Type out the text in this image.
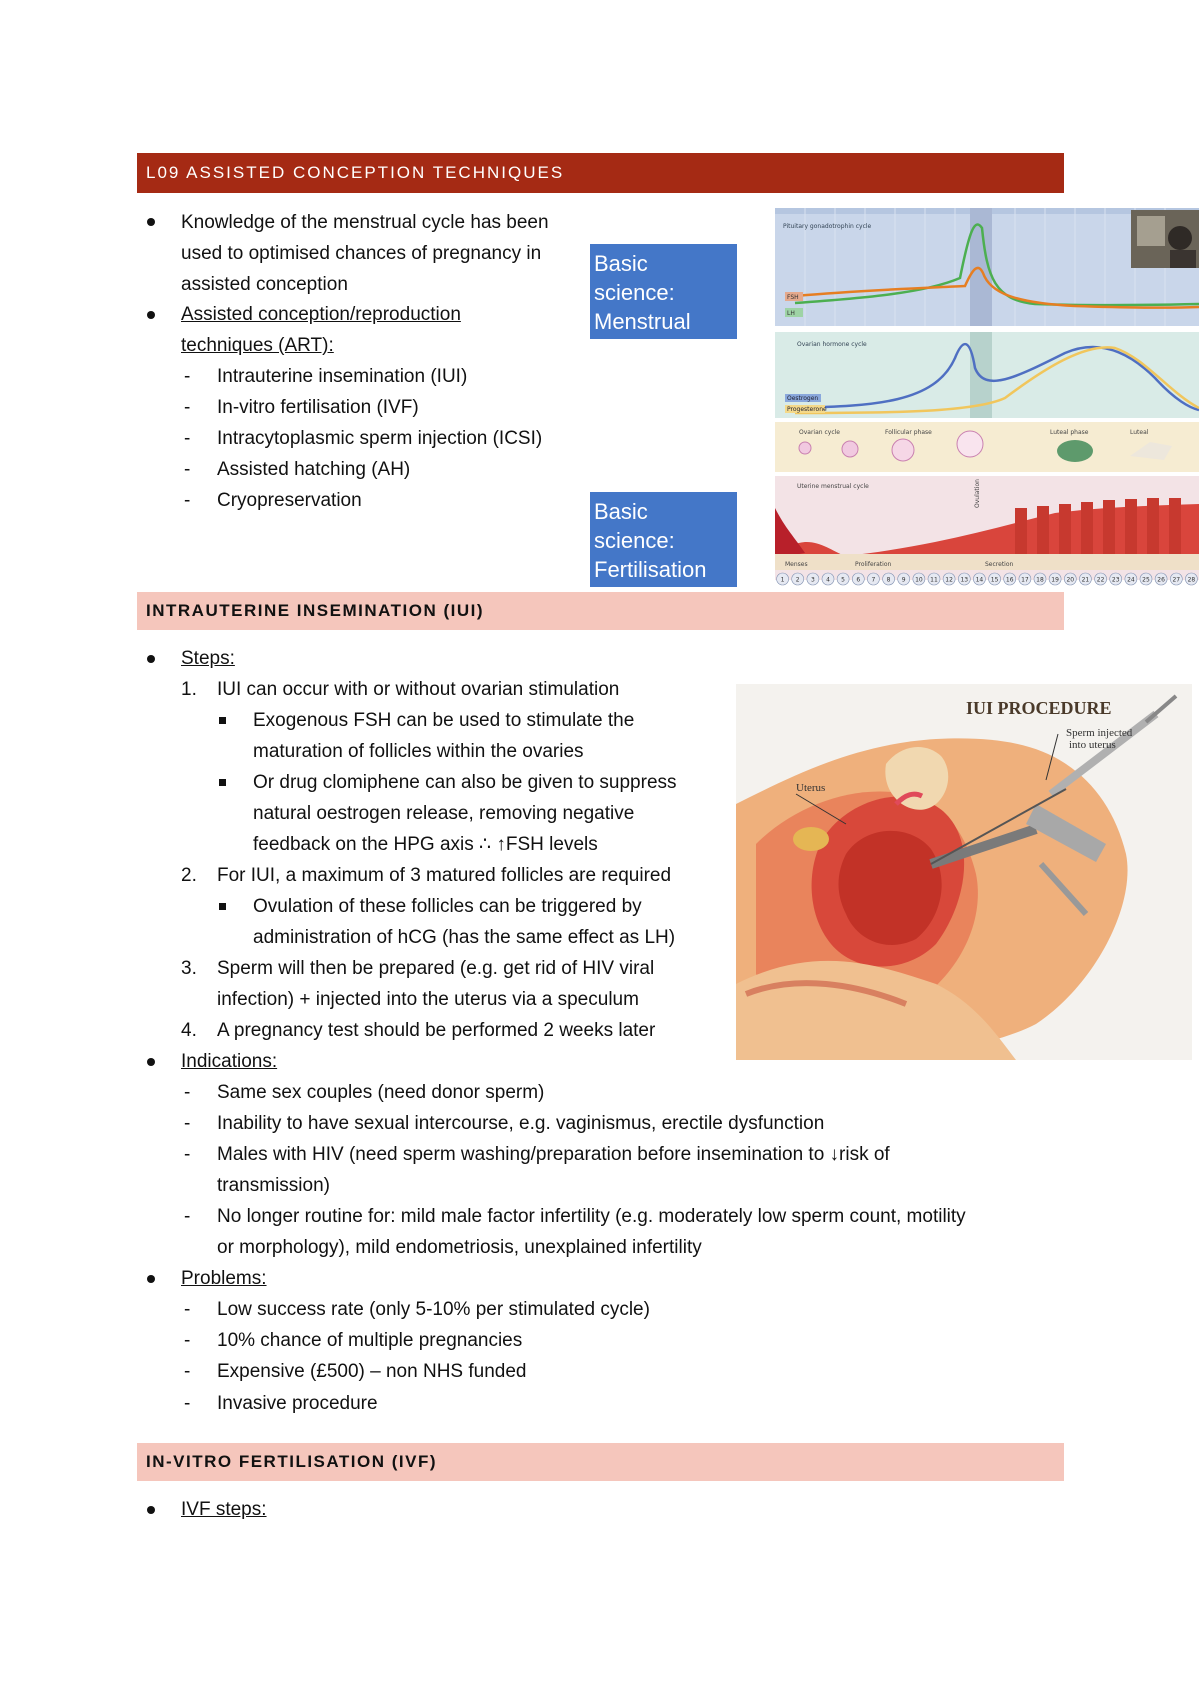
L09 ASSISTED CONCEPTION TECHNIQUES
Knowledge of the menstrual cycle has been
used to optimised chances of pregnancy in
assisted conception
Assisted conception/reproduction
techniques (ART):
- Intrauterine insemination (IUI)
- In-vitro fertilisation (IVF)
- Intracytoplasmic sperm injection (ICSI)
- Assisted hatching (AH)
- Cryopreservation
Basic science:
Menstrual
physiology
Basic science:
Fertilisation
Pituitary gonadotrophin cycle
FSH
LH
Ovarian hormone cycle
Oestrogen
Progesterone
Ovarian cycle	Follicular phase	Luteal phase	Luteal
Uterine menstrual cycle	Ovulation
Menses	Proliferation	Secretion
1 2 3 4 5 6 7 8 9 10 11 12 13 14 15 16 17 18 19 20 21 22 23 24 25 26 27 28
INTRAUTERINE INSEMINATION (IUI)
Steps:
1. IUI can occur with or without ovarian stimulation
Exogenous FSH can be used to stimulate the
maturation of follicles within the ovaries
Or drug clomiphene can also be given to suppress
natural oestrogen release, removing negative
feedback on the HPG axis ∴ ↑FSH levels
2. For IUI, a maximum of 3 matured follicles are required
Ovulation of these follicles can be triggered by
administration of hCG (has the same effect as LH)
3. Sperm will then be prepared (e.g. get rid of HIV viral
infection) + injected into the uterus via a speculum
4. A pregnancy test should be performed 2 weeks later
IUI PROCEDURE
Sperm injected
into uterus
Uterus
Indications:
- Same sex couples (need donor sperm)
- Inability to have sexual intercourse, e.g. vaginismus, erectile dysfunction
- Males with HIV (need sperm washing/preparation before insemination to ↓risk of
transmission)
- No longer routine for: mild male factor infertility (e.g. moderately low sperm count, motility
or morphology), mild endometriosis, unexplained infertility
Problems:
- Low success rate (only 5-10% per stimulated cycle)
- 10% chance of multiple pregnancies
- Expensive (£500) – non NHS funded
- Invasive procedure
IN-VITRO FERTILISATION (IVF)
IVF steps:
